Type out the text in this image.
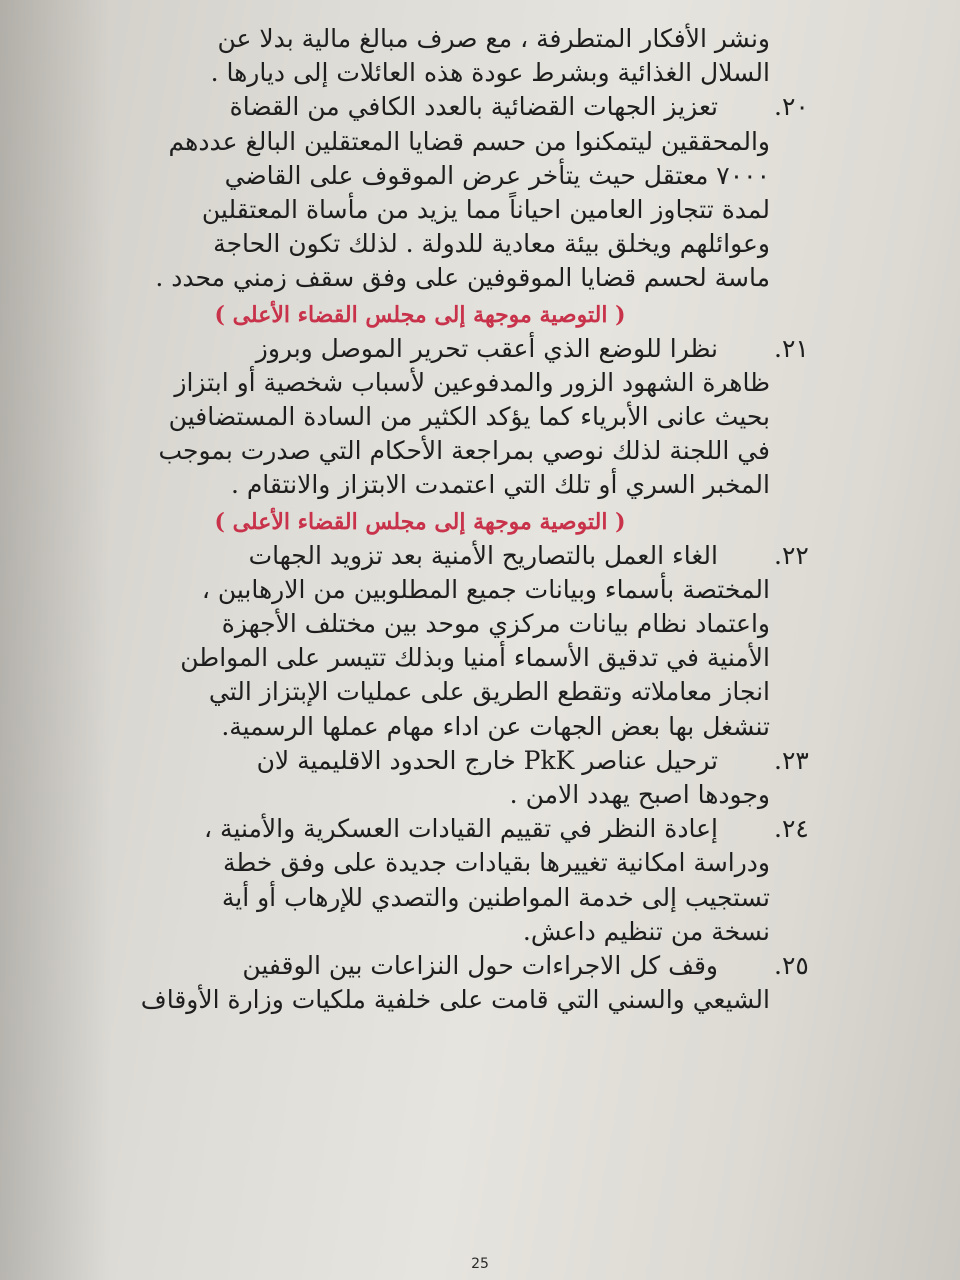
ونشر الأفكار المتطرفة ، مع صرف مبالغ مالية بدلا عن
السلال الغذائية وبشرط عودة هذه العائلات إلى ديارها .
٢٠.

تعزيز الجهات القضائية بالعدد الكافي من القضاة
والمحققين ليتمكنوا من حسم قضايا المعتقلين البالغ عددهم
٧٠٠٠ معتقل حيث يتأخر عرض الموقوف على القاضي
لمدة تتجاوز العامين احياناً مما يزيد من مأساة المعتقلين
وعوائلهم ويخلق بيئة معادية للدولة . لذلك تكون الحاجة
ماسة لحسم قضايا الموقوفين على وفق سقف زمني محدد .

( التوصية موجهة إلى مجلس القضاء الأعلى )
٢١.

نظرا للوضع الذي أعقب تحرير الموصل وبروز
ظاهرة الشهود الزور والمدفوعين لأسباب شخصية أو ابتزاز
بحيث عانى الأبرياء كما يؤكد الكثير من السادة المستضافين
في اللجنة لذلك نوصي بمراجعة الأحكام التي صدرت بموجب
المخبر السري أو تلك التي اعتمدت الابتزاز والانتقام .

( التوصية موجهة إلى مجلس القضاء الأعلى )
٢٢.

الغاء العمل بالتصاريح الأمنية بعد تزويد الجهات
المختصة بأسماء وبيانات جميع المطلوبين من الارهابين ،
واعتماد نظام بيانات مركزي موحد بين مختلف الأجهزة
الأمنية في تدقيق الأسماء أمنيا وبذلك تتيسر على المواطن
انجاز معاملاته وتقطع الطريق على عمليات الإبتزاز التي
تنشغل بها بعض الجهات عن اداء مهام عملها الرسمية.

٢٣.

ترحيل عناصر PkK خارج الحدود الاقليمية لان
وجودها اصبح يهدد الامن .

٢٤.

إعادة النظر في تقييم القيادات العسكرية والأمنية ،
ودراسة امكانية تغييرها بقيادات جديدة على وفق خطة
تستجيب إلى خدمة المواطنين والتصدي للإرهاب أو أية
نسخة من تنظيم داعش.

٢٥.

وقف كل الاجراءات حول النزاعات بين الوقفين
الشيعي والسني التي قامت على خلفية ملكيات وزارة الأوقاف

25
